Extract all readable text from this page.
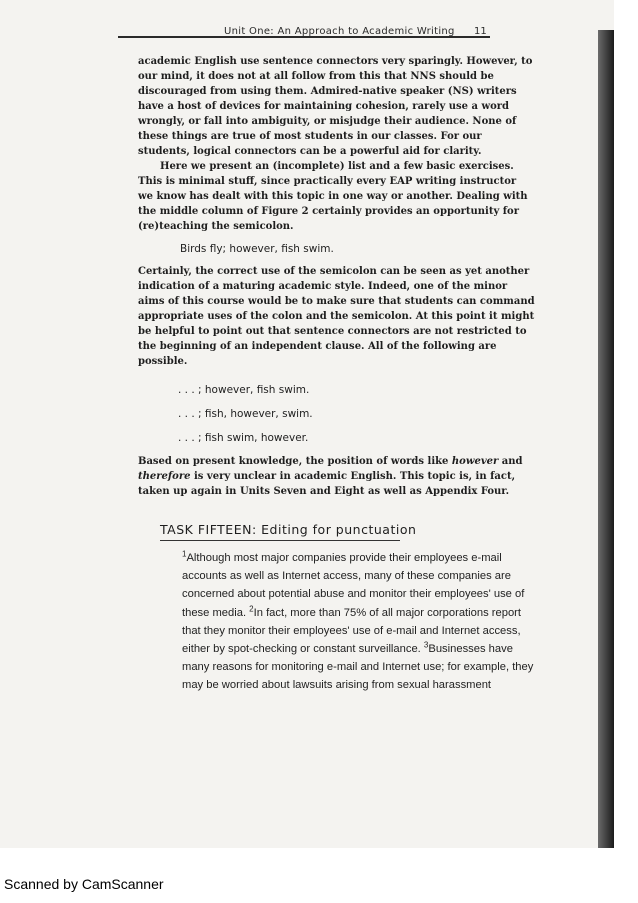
Unit One: An Approach to Academic Writing 11
academic English use sentence connectors very sparingly. However, to
our mind, it does not at all follow from this that NNS should be
discouraged from using them. Admired-native speaker (NS) writers
have a host of devices for maintaining cohesion, rarely use a word
wrongly, or fall into ambiguity, or misjudge their audience. None of
these things are true of most students in our classes. For our
students, logical connectors can be a powerful aid for clarity.
Here we present an (incomplete) list and a few basic exercises.
This is minimal stuff, since practically every EAP writing instructor
we know has dealt with this topic in one way or another. Dealing with
the middle column of Figure 2 certainly provides an opportunity for
(re)teaching the semicolon.
Birds fly; however, fish swim.
Certainly, the correct use of the semicolon can be seen as yet another
indication of a maturing academic style. Indeed, one of the minor
aims of this course would be to make sure that students can command
appropriate uses of the colon and the semicolon. At this point it might
be helpful to point out that sentence connectors are not restricted to
the beginning of an independent clause. All of the following are
possible.
. . . ; however, fish swim.
. . . ; fish, however, swim.
. . . ; fish swim, however.
Based on present knowledge, the position of words like however and
therefore is very unclear in academic English. This topic is, in fact,
taken up again in Units Seven and Eight as well as Appendix Four.
TASK FIFTEEN: Editing for punctuation
$^1$Although most major companies provide their employees e-mail
accounts as well as Internet access, many of these companies are
concerned about potential abuse and monitor their employees' use of
these media. $^2$In fact, more than 75% of all major corporations report
that they monitor their employees' use of e-mail and Internet access,
either by spot-checking or constant surveillance. $^3$Businesses have
many reasons for monitoring e-mail and Internet use; for example, they
may be worried about lawsuits arising from sexual harassment
Scanned by CamScanner
